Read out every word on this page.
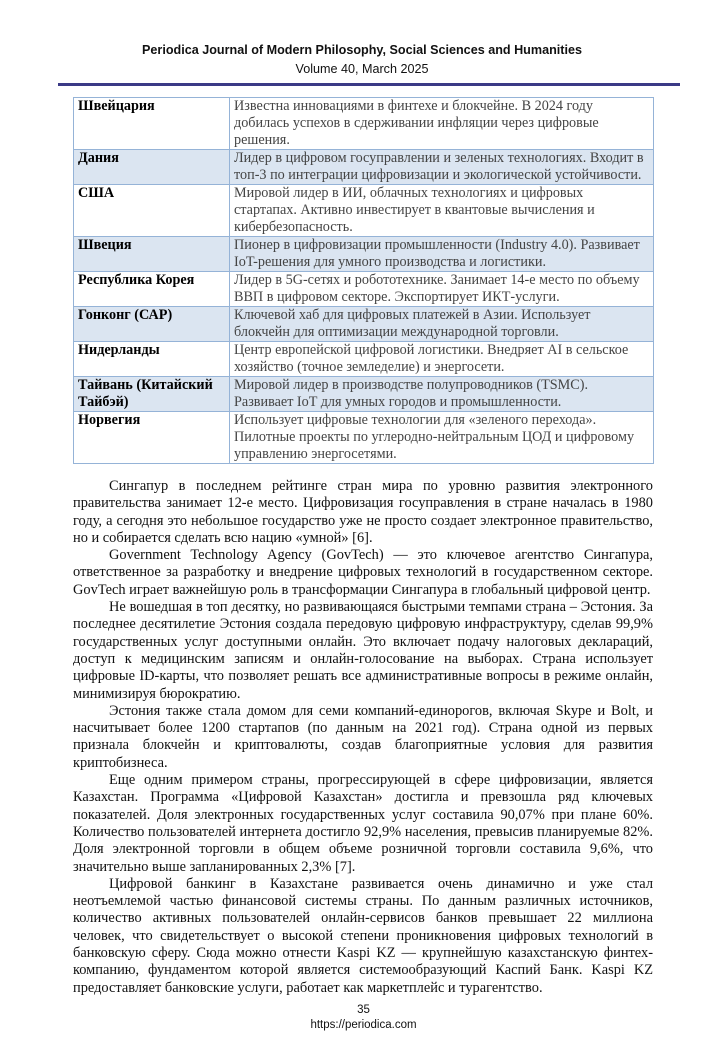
Periodica Journal of Modern Philosophy, Social Sciences and Humanities
Volume 40, March 2025
Швейцария	Известна инновациями в финтехе и блокчейне. В 2024 году добилась успехов в сдерживании инфляции через цифровые решения.
Дания	Лидер в цифровом госуправлении и зеленых технологиях. Входит в топ-3 по интеграции цифровизации и экологической устойчивости.
США	Мировой лидер в ИИ, облачных технологиях и цифровых стартапах. Активно инвестирует в квантовые вычисления и кибербезопасность.
Швеция	Пионер в цифровизации промышленности (Industry 4.0). Развивает IoT-решения для умного производства и логистики.
Республика Корея	Лидер в 5G-сетях и робототехнике. Занимает 14-е место по объему ВВП в цифровом секторе. Экспортирует ИКТ-услуги.
Гонконг (САР)	Ключевой хаб для цифровых платежей в Азии. Использует блокчейн для оптимизации международной торговли.
Нидерланды	Центр европейской цифровой логистики. Внедряет AI в сельское хозяйство (точное земледелие) и энергосети.
Тайвань (Китайский Тайбэй)	Мировой лидер в производстве полупроводников (TSMC). Развивает IoT для умных городов и промышленности.
Норвегия	Использует цифровые технологии для «зеленого перехода». Пилотные проекты по углеродно-нейтральным ЦОД и цифровому управлению энергосетями.

Сингапур в последнем рейтинге стран мира по уровню развития электронного правительства занимает 12-е место. Цифровизация госуправления в стране началась в 1980 году, а сегодня это небольшое государство уже не просто создает электронное правительство, но и собирается сделать всю нацию «умной» [6].

Government Technology Agency (GovTech) — это ключевое агентство Сингапура, ответственное за разработку и внедрение цифровых технологий в государственном секторе. GovTech играет важнейшую роль в трансформации Сингапура в глобальный цифровой центр.

Не вошедшая в топ десятку, но развивающаяся быстрыми темпами страна – Эстония. За последнее десятилетие Эстония создала передовую цифровую инфраструктуру, сделав 99,9% государственных услуг доступными онлайн. Это включает подачу налоговых деклараций, доступ к медицинским записям и онлайн-голосование на выборах. Страна использует цифровые ID-карты, что позволяет решать все административные вопросы в режиме онлайн, минимизируя бюрократию.

Эстония также стала домом для семи компаний-единорогов, включая Skype и Bolt, и насчитывает более 1200 стартапов (по данным на 2021 год). Страна одной из первых признала блокчейн и криптовалюты, создав благоприятные условия для развития криптобизнеса.

Еще одним примером страны, прогрессирующей в сфере цифровизации, является Казахстан. Программа «Цифровой Казахстан» достигла и превзошла ряд ключевых показателей. Доля электронных государственных услуг составила 90,07% при плане 60%. Количество пользователей интернета достигло 92,9% населения, превысив планируемые 82%. Доля электронной торговли в общем объеме розничной торговли составила 9,6%, что значительно выше запланированных 2,3% [7].

Цифровой банкинг в Казахстане развивается очень динамично и уже стал неотъемлемой частью финансовой системы страны. По данным различных источников, количество активных пользователей онлайн-сервисов банков превышает 22 миллиона человек, что свидетельствует о высокой степени проникновения цифровых технологий в банковскую сферу. Сюда можно отнести Kaspi KZ — крупнейшую казахстанскую финтех-компанию, фундаментом которой является системообразующий Каспий Банк. Kaspi KZ предоставляет банковские услуги, работает как маркетплейс и турагентство.

35
https://periodica.com
